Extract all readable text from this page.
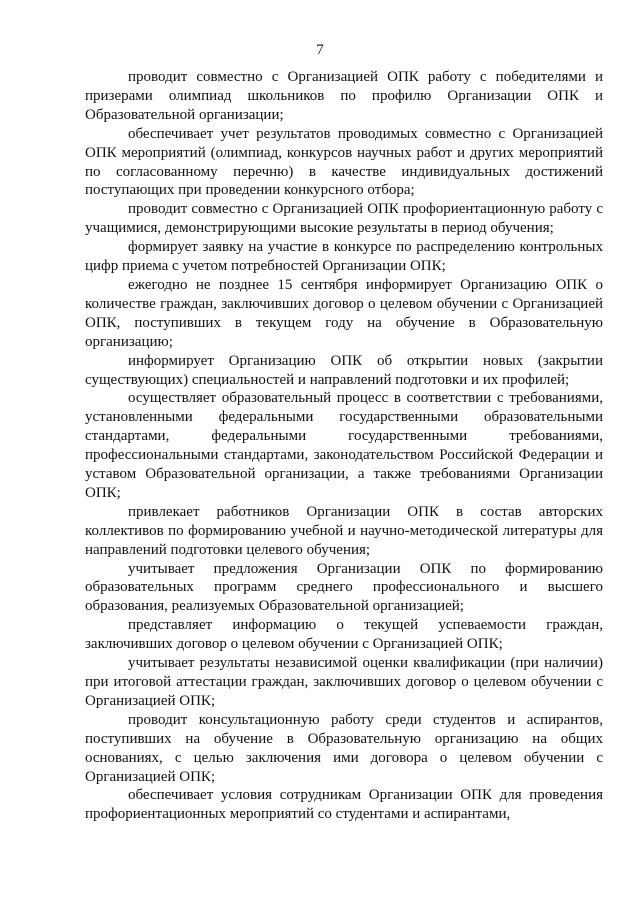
7

проводит совместно с Организацией ОПК работу с победителями и призерами олимпиад школьников по профилю Организации ОПК и Образовательной организации;

обеспечивает учет результатов проводимых совместно с Организацией ОПК мероприятий (олимпиад, конкурсов научных работ и других мероприятий по согласованному перечню) в качестве индивидуальных достижений поступающих при проведении конкурсного отбора;

проводит совместно с Организацией ОПК профориентационную работу с учащимися, демонстрирующими высокие результаты в период обучения;

формирует заявку на участие в конкурсе по распределению контрольных цифр приема с учетом потребностей Организации ОПК;

ежегодно не позднее 15 сентября информирует Организацию ОПК о количестве граждан, заключивших договор о целевом обучении с Организацией ОПК, поступивших в текущем году на обучение в Образовательную организацию;

информирует Организацию ОПК об открытии новых (закрытии существующих) специальностей и направлений подготовки и их профилей;

осуществляет образовательный процесс в соответствии с требованиями, установленными федеральными государственными образовательными стандартами, федеральными государственными требованиями, профессиональными стандартами, законодательством Российской Федерации и уставом Образовательной организации, а также требованиями Организации ОПК;

привлекает работников Организации ОПК в состав авторских коллективов по формированию учебной и научно-методической литературы для направлений подготовки целевого обучения;

учитывает предложения Организации ОПК по формированию образовательных программ среднего профессионального и высшего образования, реализуемых Образовательной организацией;

представляет информацию о текущей успеваемости граждан, заключивших договор о целевом обучении с Организацией ОПК;

учитывает результаты независимой оценки квалификации (при наличии) при итоговой аттестации граждан, заключивших договор о целевом обучении с Организацией ОПК;

проводит консультационную работу среди студентов и аспирантов, поступивших на обучение в Образовательную организацию на общих основаниях, с целью заключения ими договора о целевом обучении с Организацией ОПК;

обеспечивает условия сотрудникам Организации ОПК для проведения профориентационных мероприятий со студентами и аспирантами,
